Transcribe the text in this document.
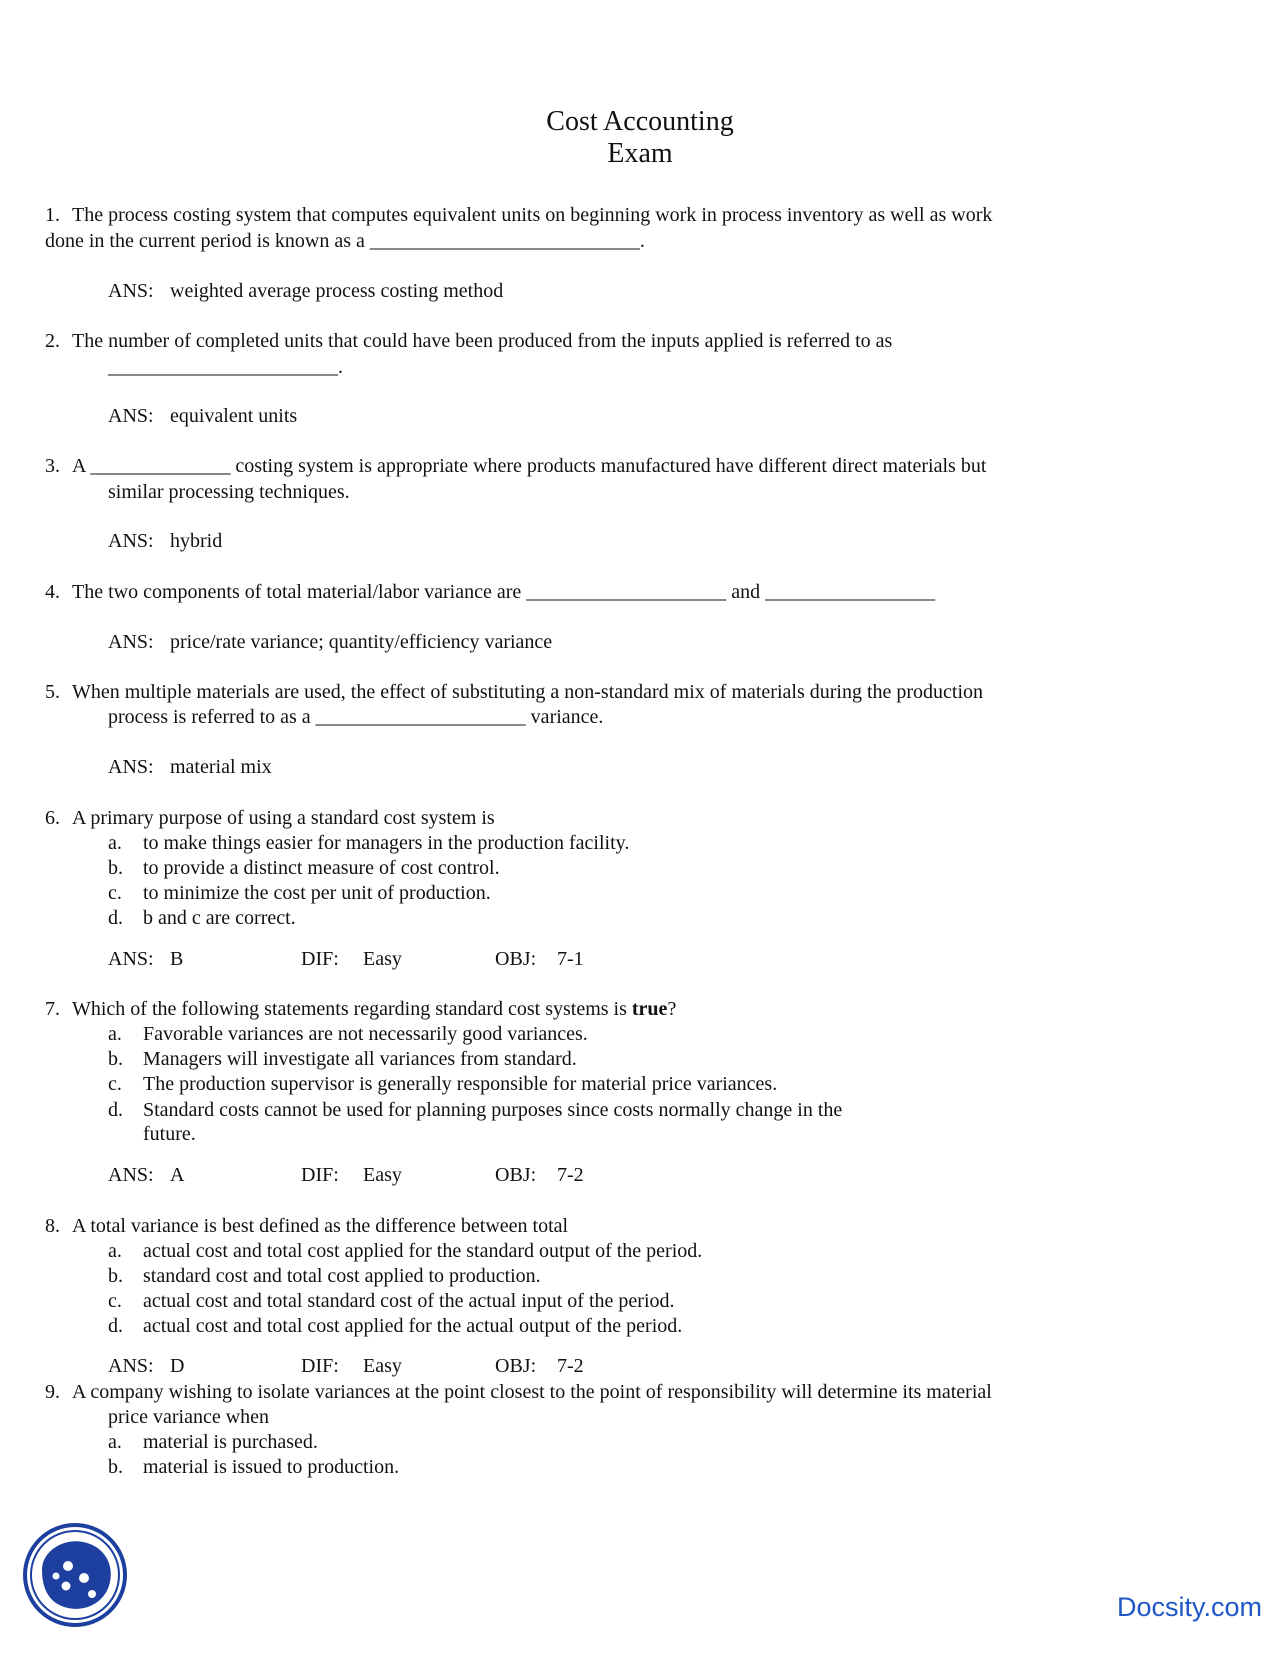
Cost Accounting
Exam
1. The process costing system that computes equivalent units on beginning work in process inventory as well as work
done in the current period is known as a ___________________________.
ANS: weighted average process costing method
2. The number of completed units that could have been produced from the inputs applied is referred to as
_______________________.
ANS: equivalent units
3. A ______________ costing system is appropriate where products manufactured have different direct materials but
similar processing techniques.
ANS: hybrid
4. The two components of total material/labor variance are ____________________ and _________________
ANS: price/rate variance; quantity/efficiency variance
5. When multiple materials are used, the effect of substituting a non-standard mix of materials during the production
process is referred to as a _____________________ variance.
ANS: material mix
6. A primary purpose of using a standard cost system is
a. to make things easier for managers in the production facility.
b. to provide a distinct measure of cost control.
c. to minimize the cost per unit of production.
d. b and c are correct.
ANS: B	DIF: Easy	OBJ: 7-1
7. Which of the following statements regarding standard cost systems is true?
a. Favorable variances are not necessarily good variances.
b. Managers will investigate all variances from standard.
c. The production supervisor is generally responsible for material price variances.
d. Standard costs cannot be used for planning purposes since costs normally change in the
future.
ANS: A	DIF: Easy	OBJ: 7-2
8. A total variance is best defined as the difference between total
a. actual cost and total cost applied for the standard output of the period.
b. standard cost and total cost applied to production.
c. actual cost and total standard cost of the actual input of the period.
d. actual cost and total cost applied for the actual output of the period.
ANS: D	DIF: Easy	OBJ: 7-2
9. A company wishing to isolate variances at the point closest to the point of responsibility will determine its material
price variance when
a. material is purchased.
b. material is issued to production.
Docsity.com
